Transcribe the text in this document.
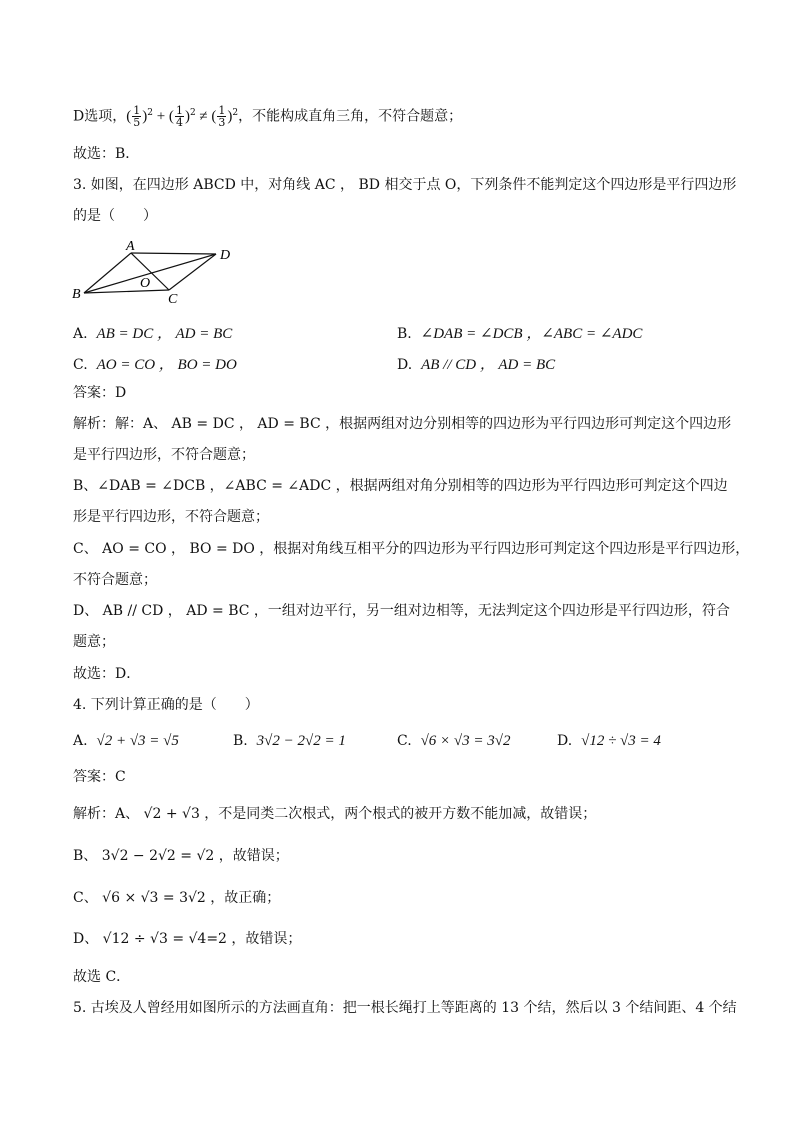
D选项，( $\frac{1}{5} )^2$ + ( $\frac{1}{4} )^2$ ≠ ( $\frac{1}{3} )^2$，不能构成直角三角，不符合题意；
故选：B．
3. 如图，在四边形 ABCD 中，对角线 AC ， BD 相交于点 O，下列条件不能判定这个四边形是平行四边形
的是（　　）
A
D
O
B	C
A. AB = DC ， AD = BC	B. ∠DAB = ∠DCB ，∠ABC = ∠ADC
C. AO = CO ， BO = DO	D. AB // CD ， AD = BC
答案：D
解析：解：A、 AB = DC ， AD = BC ，根据两组对边分别相等的四边形为平行四边形可判定这个四边形
是平行四边形，不符合题意；
B、∠DAB = ∠DCB ，∠ABC = ∠ADC ，根据两组对角分别相等的四边形为平行四边形可判定这个四边
形是平行四边形，不符合题意；
C、 AO = CO ， BO = DO ，根据对角线互相平分的四边形为平行四边形可判定这个四边形是平行四边形，
不符合题意；
D、 AB // CD ， AD = BC ，一组对边平行，另一组对边相等，无法判定这个四边形是平行四边形，符合
题意；
故选：D．
4. 下列计算正确的是（　　）
A. √2 + √3 = √5	B. 3√2 − 2√2 = 1	C. √6 × √3 = 3√2	D. √12 ÷ √3 = 4
答案：C
解析：A、 √2 + √3 ，不是同类二次根式，两个根式的被开方数不能加减，故错误；
B、 3√2 − 2√2 = √2 ，故错误；
C、 √6 × √3 = 3√2 ，故正确；
D、 √12 ÷ √3 = √4=2 ，故错误；
故选 C．
5. 古埃及人曾经用如图所示的方法画直角：把一根长绳打上等距离的 13 个结，然后以 3 个结间距、4 个结
